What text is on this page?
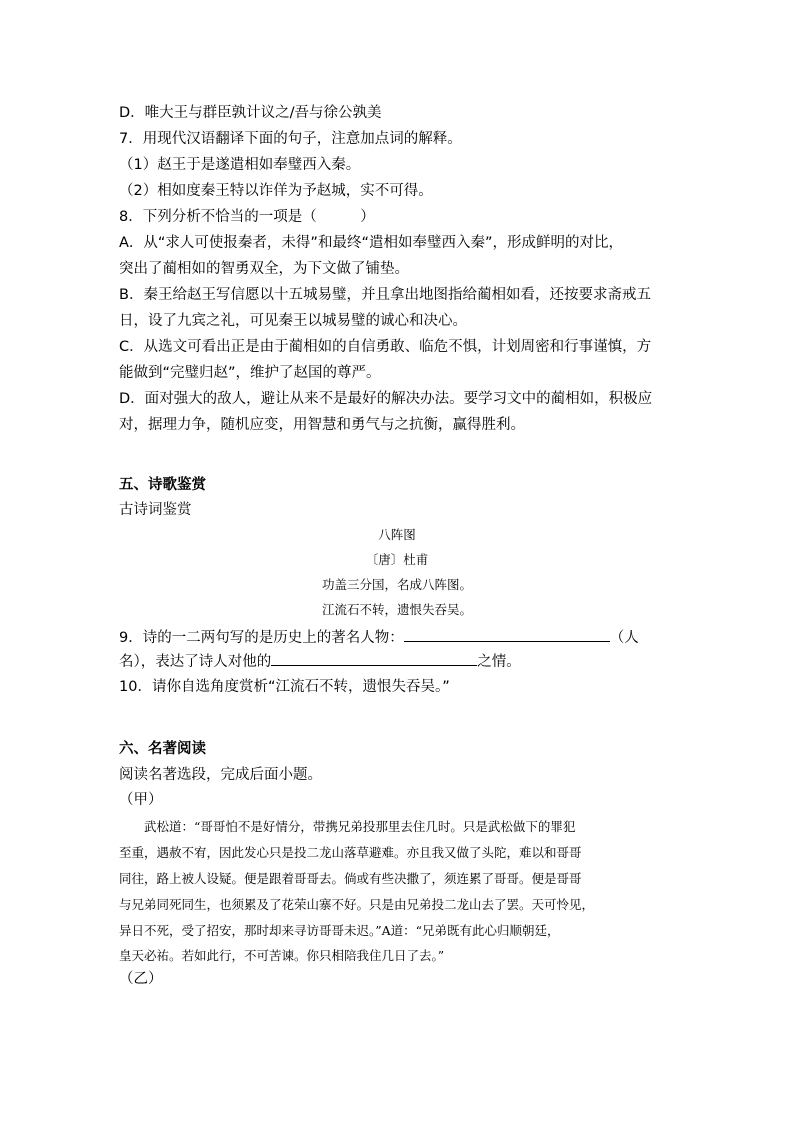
D．唯大王与群臣孰计议之/吾与徐公孰美
7．用现代汉语翻译下面的句子，注意加点词的解释。
（1）赵王于是遂遣相如奉璧西入秦。
（2）相如度秦王特以诈佯为予赵城，实不可得。
8．下列分析不恰当的一项是（　　　）
A．从“求人可使报秦者，未得”和最终“遣相如奉璧西入秦”，形成鲜明的对比，
突出了蔺相如的智勇双全，为下文做了铺垫。
B．秦王给赵王写信愿以十五城易璧，并且拿出地图指给蔺相如看，还按要求斋戒五
日，设了九宾之礼，可见秦王以城易璧的诚心和决心。
C．从选文可看出正是由于蔺相如的自信勇敢、临危不惧，计划周密和行事谨慎，方
能做到“完璧归赵”，维护了赵国的尊严。
D．面对强大的敌人，避让从来不是最好的解决办法。要学习文中的蔺相如，积极应
对，据理力争，随机应变，用智慧和勇气与之抗衡，赢得胜利。
五、诗歌鉴赏
古诗词鉴赏
八阵图
〔唐〕杜甫
功盖三分国，名成八阵图。
江流石不转，遗恨失吞吴。
9．诗的一二两句写的是历史上的著名人物：	（人
名），表达了诗人对他的	之情。
10．请你自选角度赏析“江流石不转，遗恨失吞吴。”
六、名著阅读
阅读名著选段，完成后面小题。
（甲）
　　武松道：“哥哥怕不是好情分，带携兄弟投那里去住几时。只是武松做下的罪犯
至重，遇赦不宥，因此发心只是投二龙山落草避难。亦且我又做了头陀，难以和哥哥
同往，路上被人设疑。便是跟着哥哥去。倘或有些决撒了，须连累了哥哥。便是哥哥
与兄弟同死同生，也须累及了花荣山寨不好。只是由兄弟投二龙山去了罢。天可怜见，
异日不死，受了招安，那时却来寻访哥哥未迟。”A道：“兄弟既有此心归顺朝廷，
皇天必祐。若如此行，不可苦谏。你只相陪我住几日了去。”
（乙）
